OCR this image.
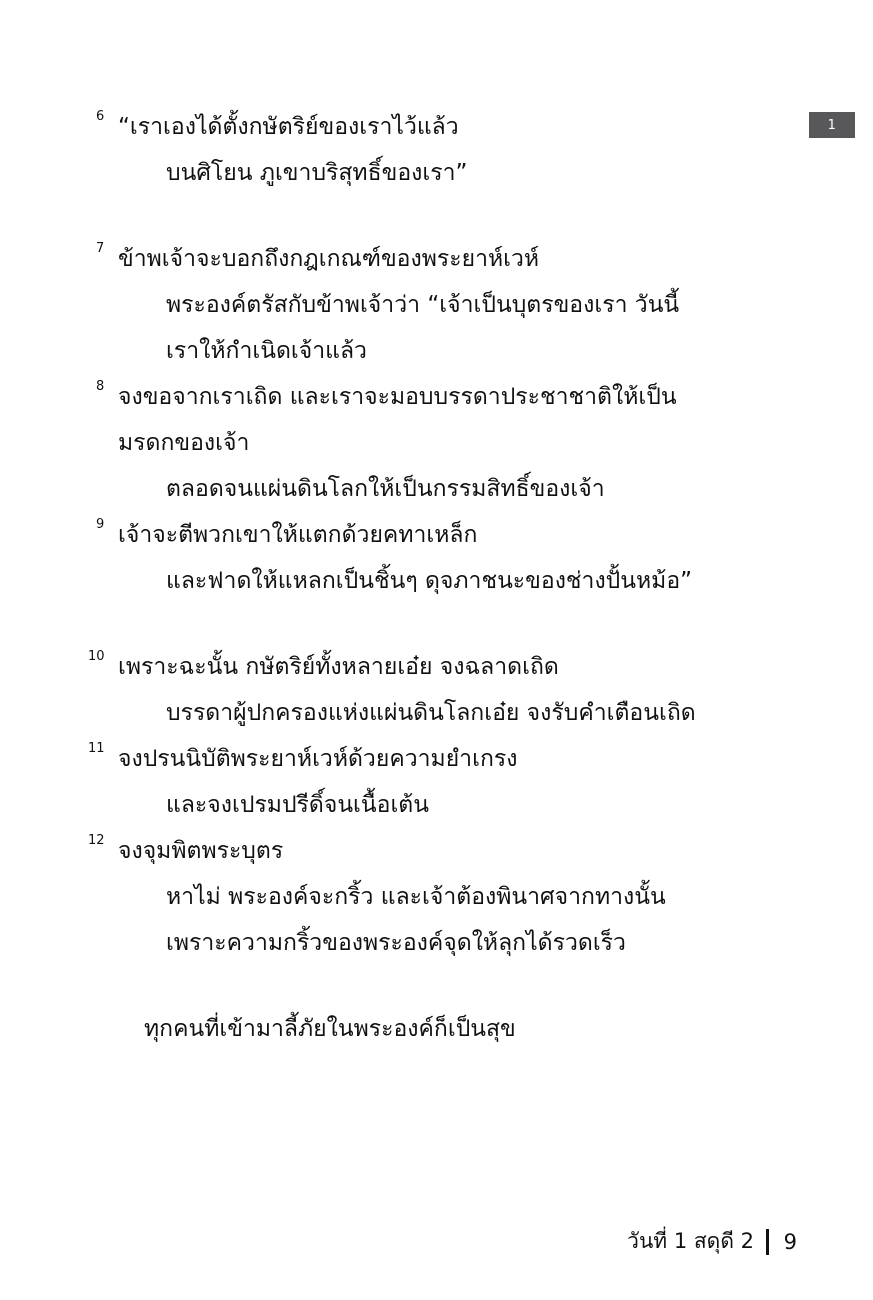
1
6 “เราเองได้ตั้งกษัตริย์ของเราไว้แล้ว
บนศิโยน ภูเขาบริสุทธิ์ของเรา”
7 ข้าพเจ้าจะบอกถึงกฎเกณฑ์ของพระยาห์เวห์
พระองค์ตรัสกับข้าพเจ้าว่า “เจ้าเป็นบุตรของเรา วันนี้
เราให้กำเนิดเจ้าแล้ว
8 จงขอจากเราเถิด และเราจะมอบบรรดาประชาชาติให้เป็น
มรดกของเจ้า
ตลอดจนแผ่นดินโลกให้เป็นกรรมสิทธิ์ของเจ้า
9 เจ้าจะตีพวกเขาให้แตกด้วยคทาเหล็ก
และฟาดให้แหลกเป็นชิ้นๆ ดุจภาชนะของช่างปั้นหม้อ”
10 เพราะฉะนั้น กษัตริย์ทั้งหลายเอ๋ย จงฉลาดเถิด
บรรดาผู้ปกครองแห่งแผ่นดินโลกเอ๋ย จงรับคำเตือนเถิด
11 จงปรนนิบัติพระยาห์เวห์ด้วยความยำเกรง
และจงเปรมปรีดิ์จนเนื้อเต้น
12 จงจุมพิตพระบุตร
หาไม่ พระองค์จะกริ้ว และเจ้าต้องพินาศจากทางนั้น
เพราะความกริ้วของพระองค์จุดให้ลุกได้รวดเร็ว
ทุกคนที่เข้ามาลี้ภัยในพระองค์ก็เป็นสุข
วันที่ 1 สดุดี 2 9
